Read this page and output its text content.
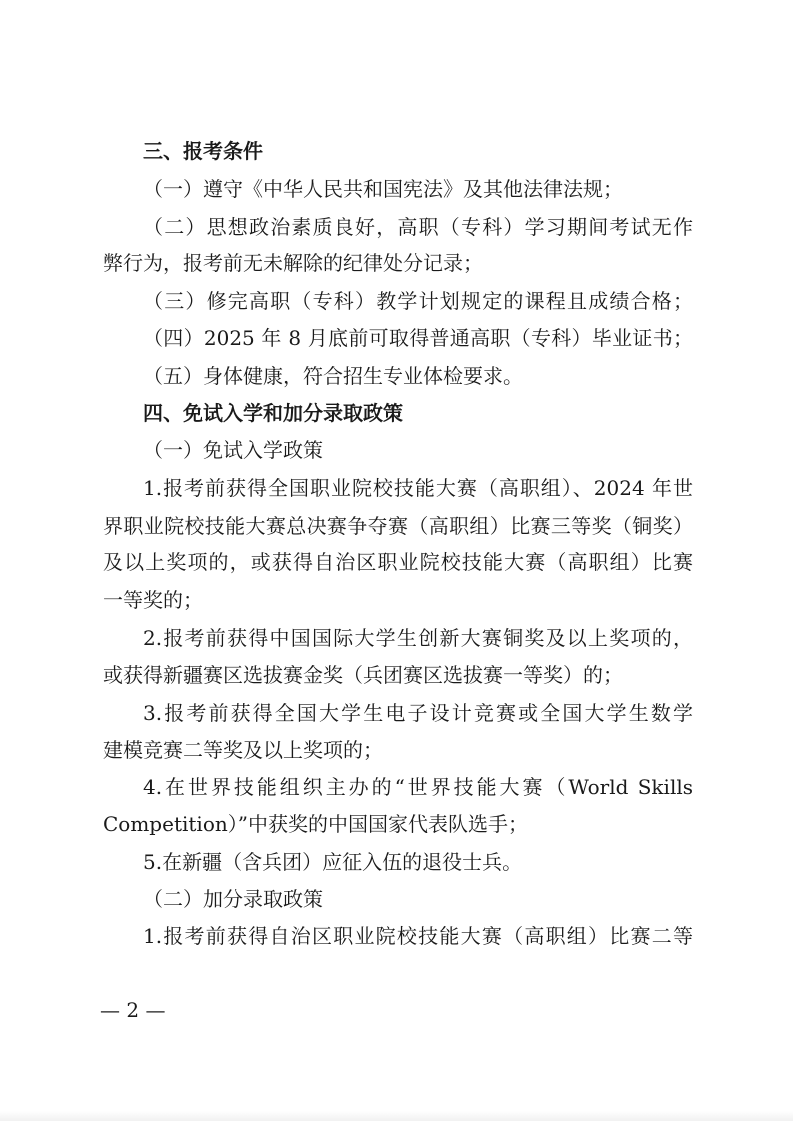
三、报考条件
（一）遵守《中华人民共和国宪法》及其他法律法规；
（二）思想政治素质良好，高职（专科）学习期间考试无作
弊行为，报考前无未解除的纪律处分记录；
（三）修完高职（专科）教学计划规定的课程且成绩合格；
（四）2025 年 8 月底前可取得普通高职（专科）毕业证书；
（五）身体健康，符合招生专业体检要求。
四、免试入学和加分录取政策
（一）免试入学政策
1.报考前获得全国职业院校技能大赛（高职组）、2024 年世
界职业院校技能大赛总决赛争夺赛（高职组）比赛三等奖（铜奖）
及以上奖项的，或获得自治区职业院校技能大赛（高职组）比赛
一等奖的；
2.报考前获得中国国际大学生创新大赛铜奖及以上奖项的，
或获得新疆赛区选拔赛金奖（兵团赛区选拔赛一等奖）的；
3.报考前获得全国大学生电子设计竞赛或全国大学生数学
建模竞赛二等奖及以上奖项的；
4.在世界技能组织主办的“世界技能大赛（World Skills
Competition）”中获奖的中国国家代表队选手；
5.在新疆（含兵团）应征入伍的退役士兵。
（二）加分录取政策
1.报考前获得自治区职业院校技能大赛（高职组）比赛二等
— 2 —
